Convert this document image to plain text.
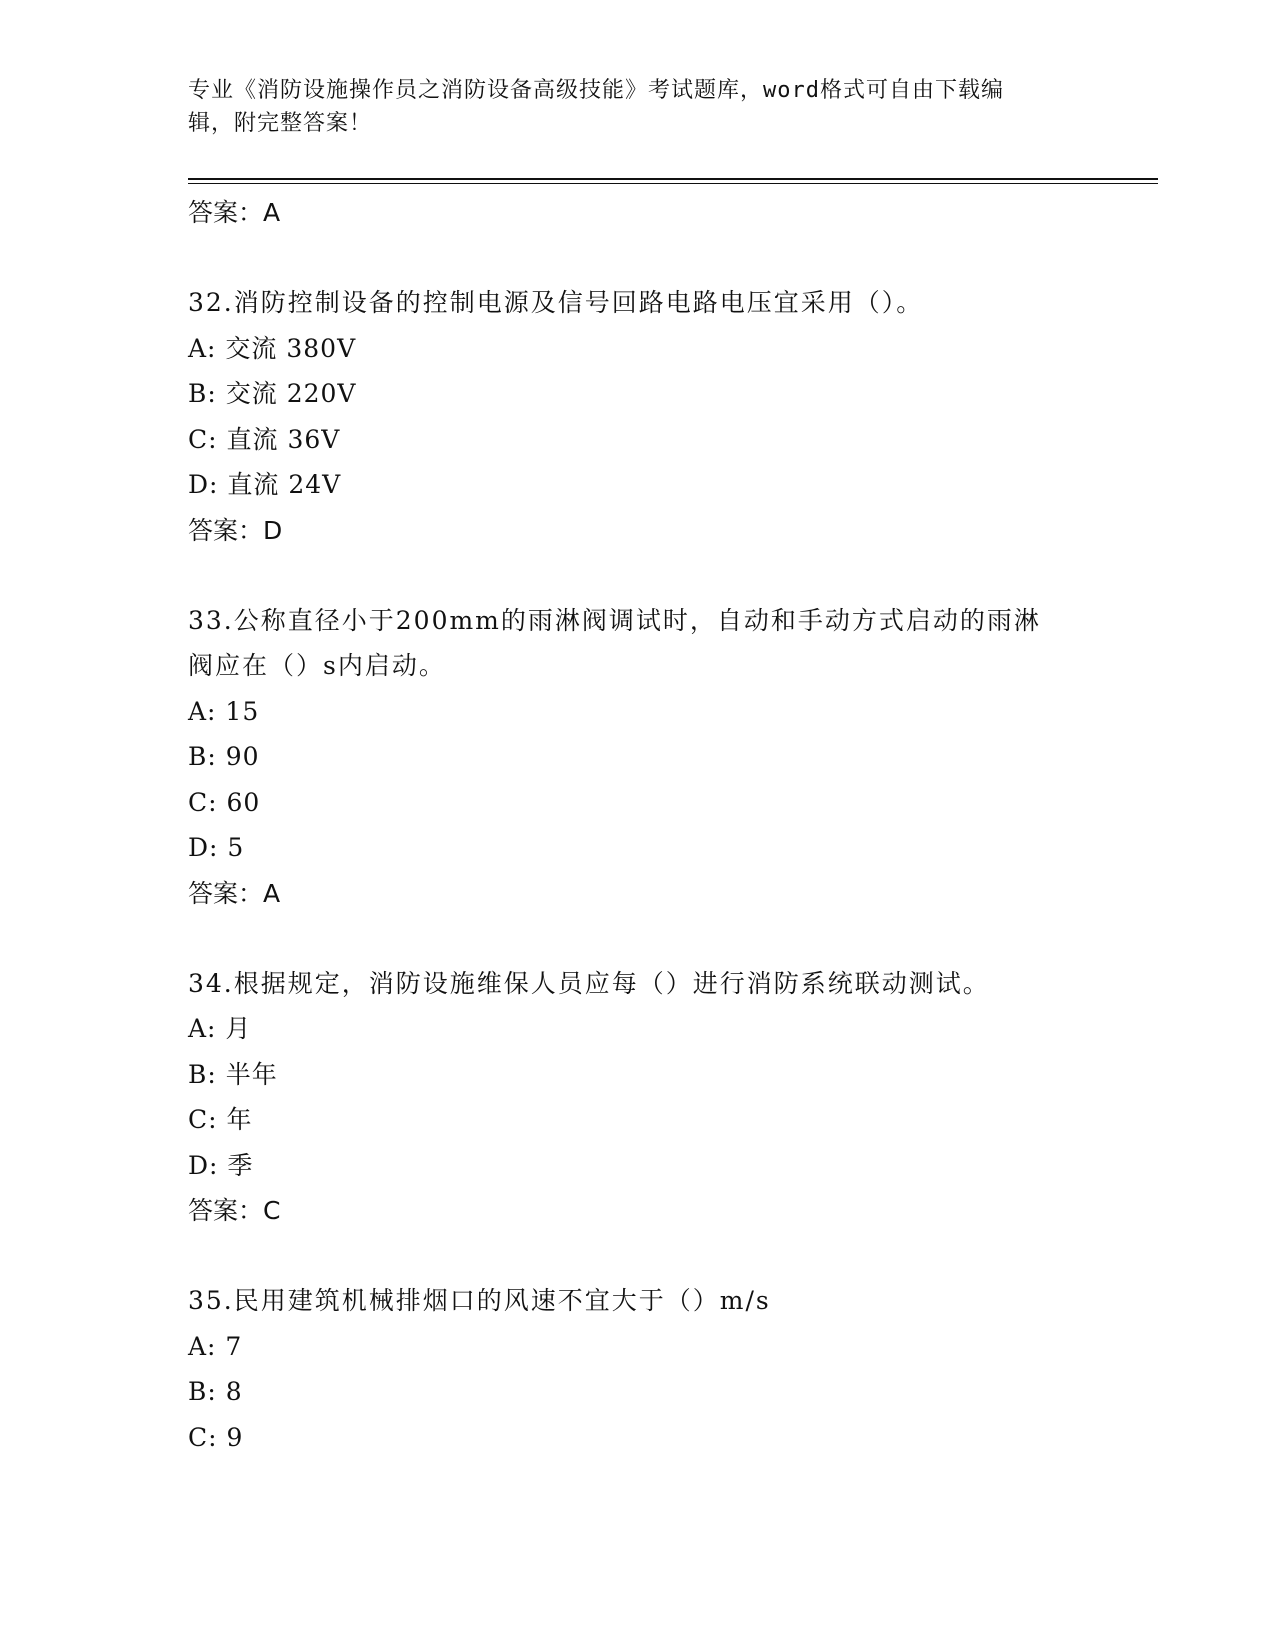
专业《消防设施操作员之消防设备高级技能》考试题库，word格式可自由下载编
辑，附完整答案！
答案：A
32.消防控制设备的控制电源及信号回路电路电压宜采用（）。
A: 交流 380V
B: 交流 220V
C: 直流 36V
D: 直流 24V
答案：D
33.公称直径小于200mm的雨淋阀调试时，自动和手动方式启动的雨淋
阀应在（）s内启动。
A: 15
B: 90
C: 60
D: 5
答案：A
34.根据规定，消防设施维保人员应每（）进行消防系统联动测试。
A: 月
B: 半年
C: 年
D: 季
答案：C
35.民用建筑机械排烟口的风速不宜大于（）m/s
A: 7
B: 8
C: 9
